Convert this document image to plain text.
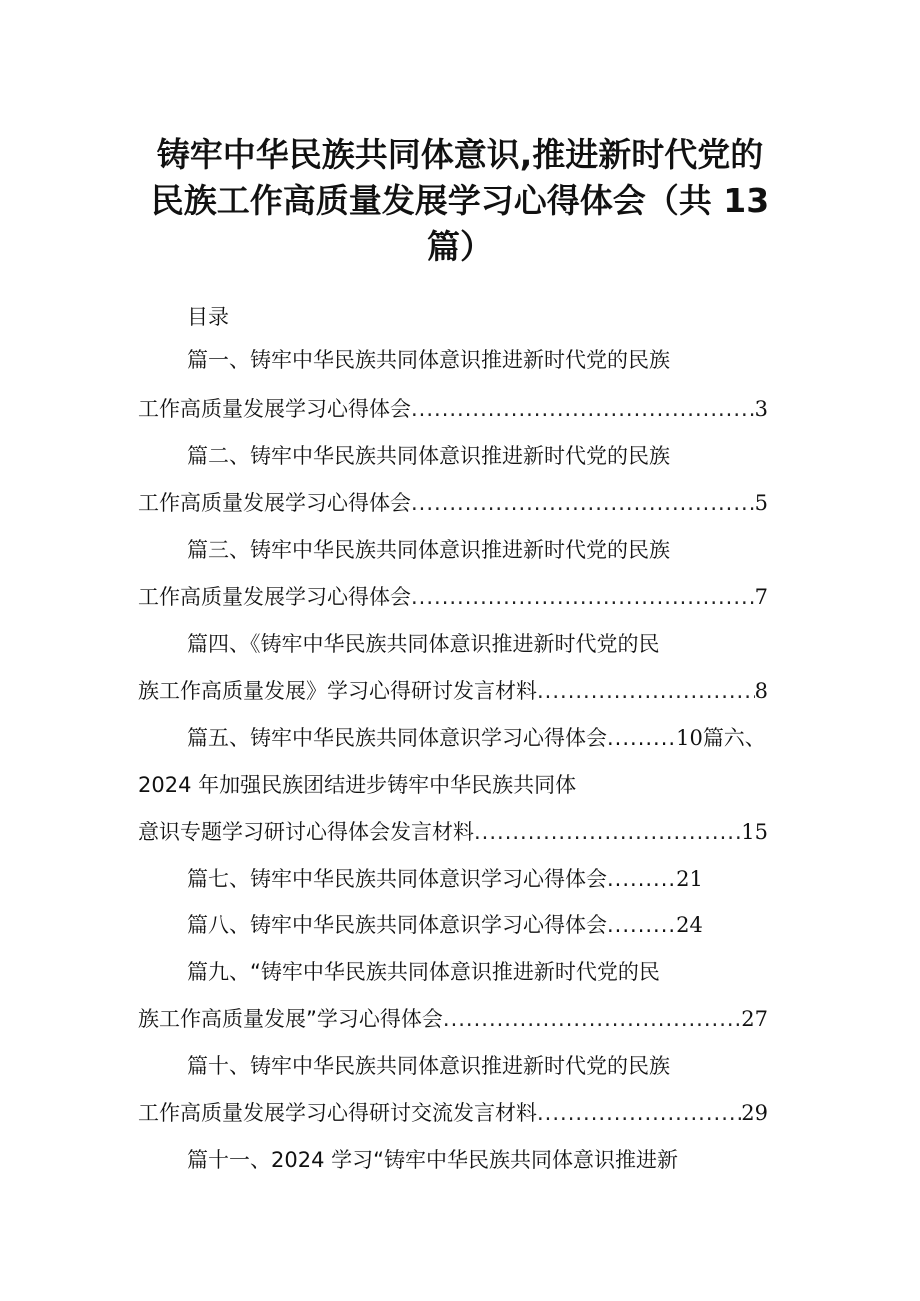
铸牢中华民族共同体意识,推进新时代党的
民族工作高质量发展学习心得体会（共 13
篇）
目录
篇一、铸牢中华民族共同体意识推进新时代党的民族
工作高质量发展学习心得体会 .....	3
篇二、铸牢中华民族共同体意识推进新时代党的民族
工作高质量发展学习心得体会 .....	5
篇三、铸牢中华民族共同体意识推进新时代党的民族
工作高质量发展学习心得体会 .....	7
篇四、《铸牢中华民族共同体意识推进新时代党的民
族工作高质量发展》学习心得研讨发言材料 .....	8
篇五、铸牢中华民族共同体意识学习心得体会 ......... 10 篇六、
2024 年加强民族团结进步铸牢中华民族共同体
意识专题学习研讨心得体会发言材料 .....	15
篇七、铸牢中华民族共同体意识学习心得体会 ......... 21
篇八、铸牢中华民族共同体意识学习心得体会 ......... 24
篇九、“铸牢中华民族共同体意识推进新时代党的民
族工作高质量发展”学习心得体会 .....	27
篇十、铸牢中华民族共同体意识推进新时代党的民族
工作高质量发展学习心得研讨交流发言材料 .....	29
篇十一、2024 学习“铸牢中华民族共同体意识推进新
